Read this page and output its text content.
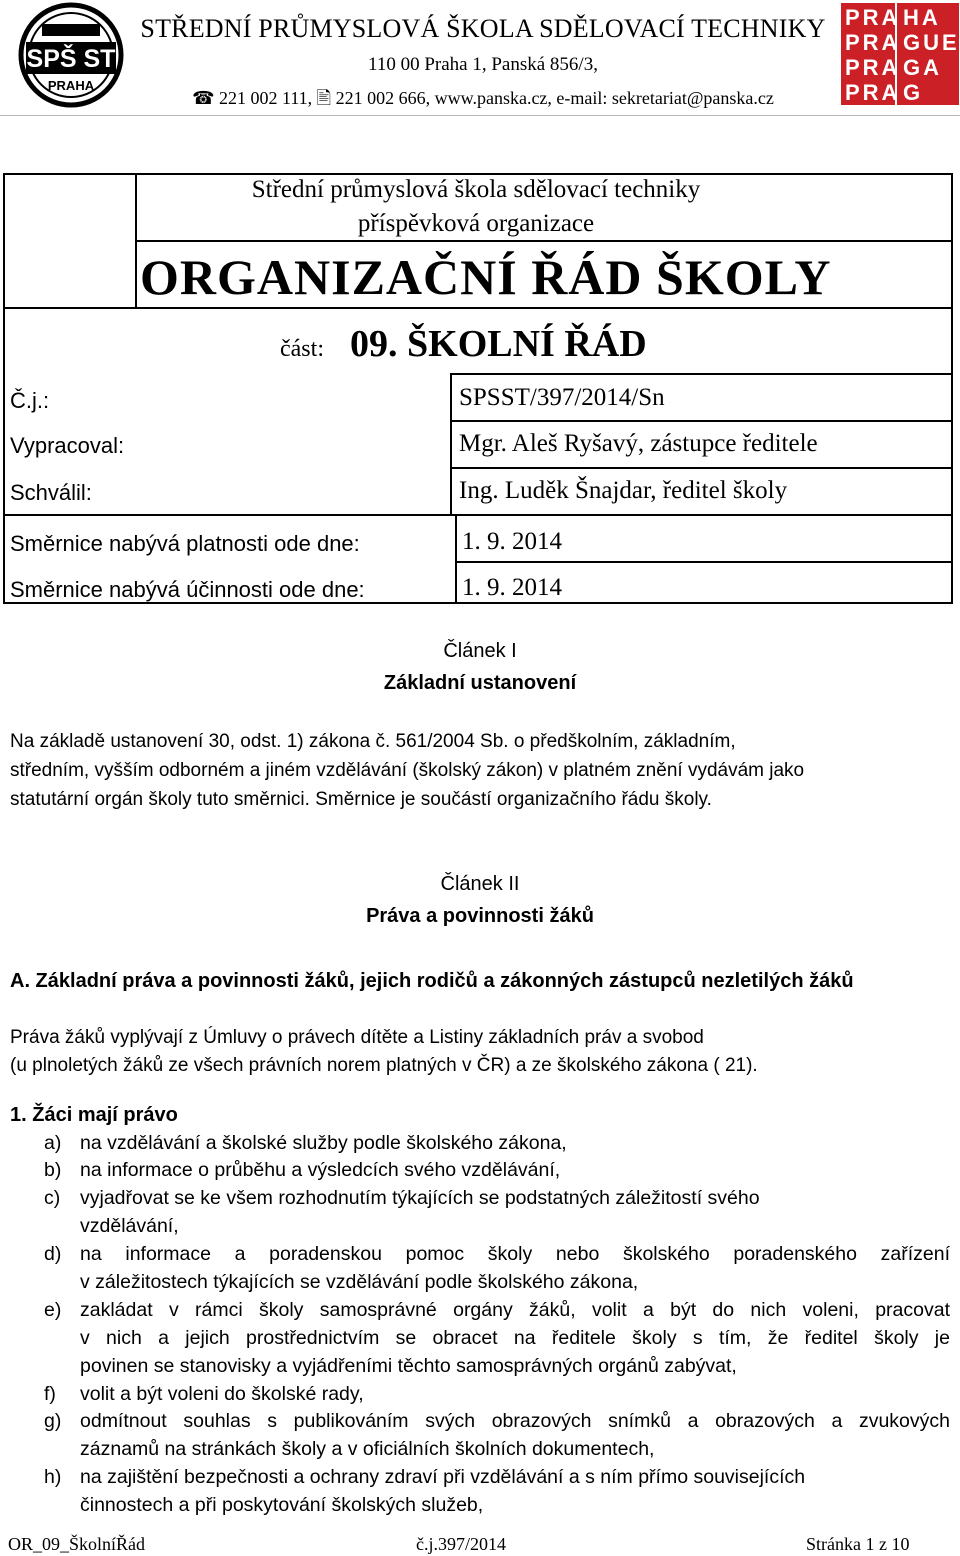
SPŠ ST
PRAHA
STŘEDNÍ PRŮMYSLOVÁ ŠKOLA SDĚLOVACÍ TECHNIKY
110 00 Praha 1, Panská 856/3,
☎ 221 002 111, 🖹 221 002 666, www.panska.cz, e-mail: sekretariat@panska.cz
PRA HA
PRA GUE
PRA GA
PRA G
Střední průmyslová škola sdělovací techniky
příspěvková organizace
ORGANIZAČNÍ ŘÁD ŠKOLY
část: 09. ŠKOLNÍ ŘÁD
Č.j.:	SPSST/397/2014/Sn
Vypracoval:	Mgr. Aleš Ryšavý, zástupce ředitele
Schválil:	Ing. Luděk Šnajdar, ředitel školy
Směrnice nabývá platnosti ode dne:	1. 9. 2014
Směrnice nabývá účinnosti ode dne:	1. 9. 2014
Článek I
Základní ustanovení
Na základě ustanovení 30, odst. 1) zákona č. 561/2004 Sb. o předškolním, základním,
středním, vyšším odborném a jiném vzdělávání (školský zákon) v platném znění vydávám jako
statutární orgán školy tuto směrnici. Směrnice je součástí organizačního řádu školy.
Článek II
Práva a povinnosti žáků
A. Základní práva a povinnosti žáků, jejich rodičů a zákonných zástupců nezletilých žáků
Práva žáků vyplývají z Úmluvy o právech dítěte a Listiny základních práv a svobod
(u plnoletých žáků ze všech právních norem platných v ČR) a ze školského zákona ( 21).
1. Žáci mají právo
a) na vzdělávání a školské služby podle školského zákona,
b) na informace o průběhu a výsledcích svého vzdělávání,
c) vyjadřovat se ke všem rozhodnutím týkajících se podstatných záležitostí svého
vzdělávání,
d) na informace a poradenskou pomoc školy nebo školského poradenského zařízení
v záležitostech týkajících se vzdělávání podle školského zákona,
e) zakládat v rámci školy samosprávné orgány žáků, volit a být do nich voleni, pracovat
v nich a jejich prostřednictvím se obracet na ředitele školy s tím, že ředitel školy je
povinen se stanovisky a vyjádřeními těchto samosprávných orgánů zabývat,
f) volit a být voleni do školské rady,
g) odmítnout souhlas s publikováním svých obrazových snímků a obrazových a zvukových
záznamů na stránkách školy a v oficiálních školních dokumentech,
h) na zajištění bezpečnosti a ochrany zdraví při vzdělávání a s ním přímo souvisejících
činnostech a při poskytování školských služeb,
OR_09_ŠkolníŘád	č.j.397/2014	Stránka 1 z 10
